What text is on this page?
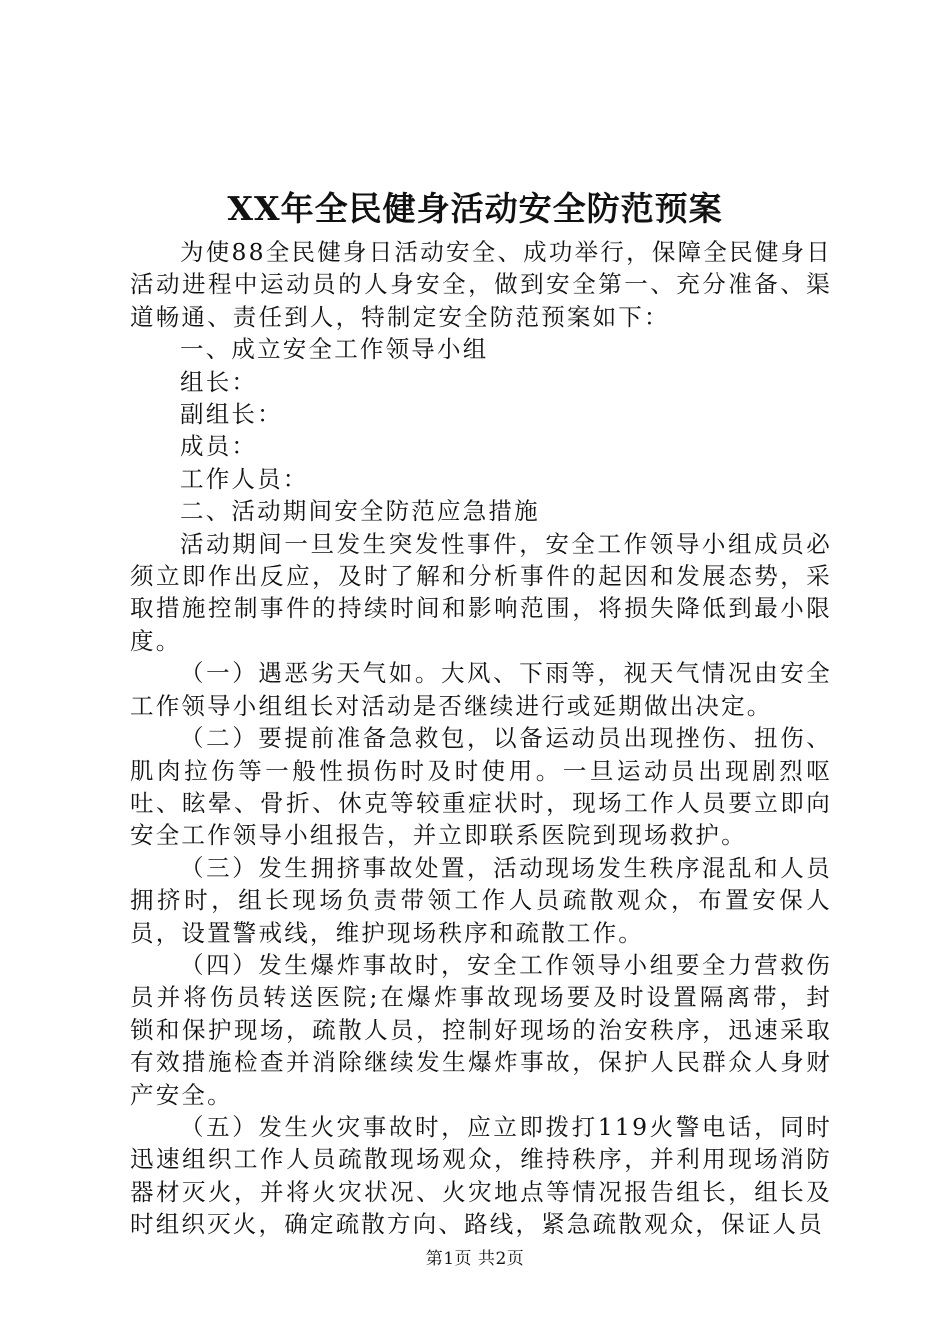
XX年全民健身活动安全防范预案

为使88全民健身日活动安全、成功举行，保障全民健身日活动进程中运动员的人身安全，做到安全第一、充分准备、渠道畅通、责任到人，特制定安全防范预案如下：

一、成立安全工作领导小组

组长：

副组长：

成员：

工作人员：

二、活动期间安全防范应急措施

活动期间一旦发生突发性事件，安全工作领导小组成员必须立即作出反应，及时了解和分析事件的起因和发展态势，采取措施控制事件的持续时间和影响范围，将损失降低到最小限度。

（一）遇恶劣天气如。大风、下雨等，视天气情况由安全工作领导小组组长对活动是否继续进行或延期做出决定。

（二）要提前准备急救包，以备运动员出现挫伤、扭伤、肌肉拉伤等一般性损伤时及时使用。一旦运动员出现剧烈呕吐、眩晕、骨折、休克等较重症状时，现场工作人员要立即向安全工作领导小组报告，并立即联系医院到现场救护。

（三）发生拥挤事故处置，活动现场发生秩序混乱和人员拥挤时，组长现场负责带领工作人员疏散观众，布置安保人员，设置警戒线，维护现场秩序和疏散工作。

（四）发生爆炸事故时，安全工作领导小组要全力营救伤员并将伤员转送医院;在爆炸事故现场要及时设置隔离带，封锁和保护现场，疏散人员，控制好现场的治安秩序，迅速采取有效措施检查并消除继续发生爆炸事故，保护人民群众人身财产安全。

（五）发生火灾事故时，应立即拨打119火警电话，同时迅速组织工作人员疏散现场观众，维持秩序，并利用现场消防器材灭火，并将火灾状况、火灾地点等情况报告组长，组长及时组织灭火，确定疏散方向、路线，紧急疏散观众，保证人员

第1页 共2页
